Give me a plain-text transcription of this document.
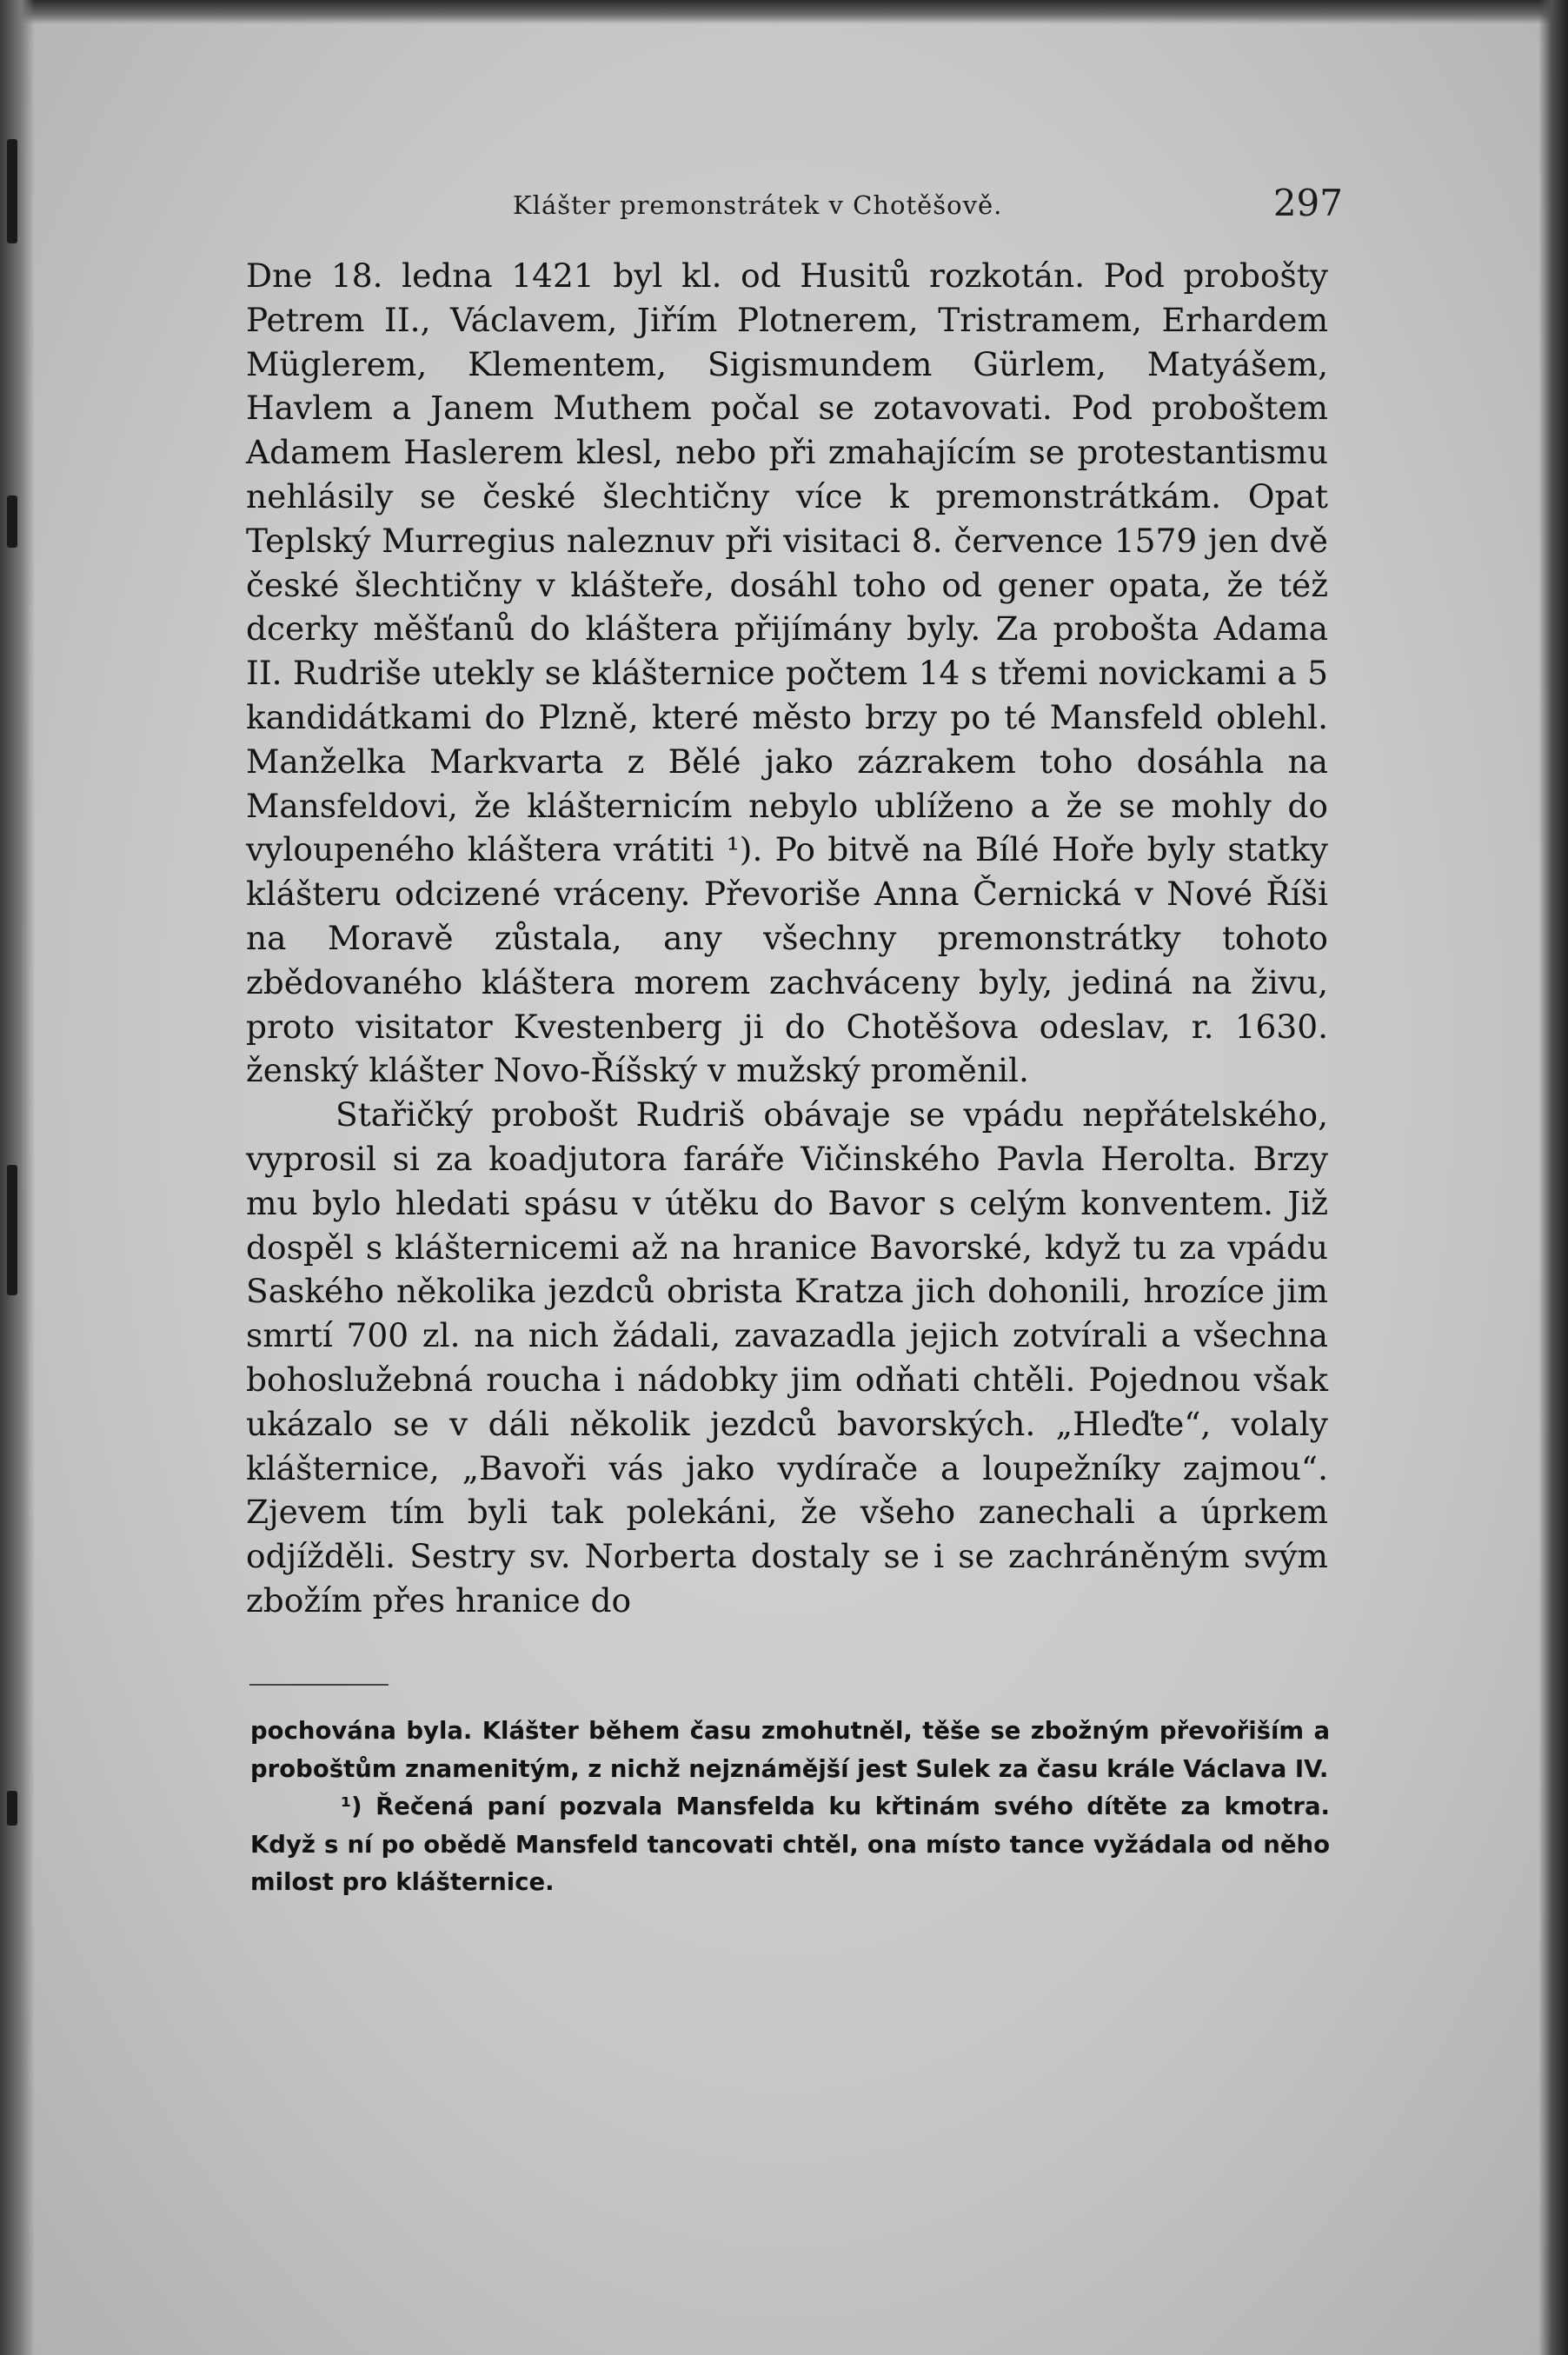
Klášter premonstrátek v Chotěšově.	297

Dne 18. ledna 1421 byl kl. od Husitů rozkotán. Pod probošty Petrem II., Václavem, Jiřím Plotnerem, Tristramem, Erhardem Müglerem, Klementem, Sigismundem Gürlem, Matyášem, Havlem a Janem Muthem počal se zotavovati. Pod proboštem Adamem Haslerem klesl, nebo při zmahajícím se protestantismu nehlásily se české šlechtičny více k premonstrátkám. Opat Teplský Murregius naleznuv při visitaci 8. července 1579 jen dvě české šlechtičny v klášteře, dosáhl toho od gener opata, že též dcerky měšťanů do kláštera přijímány byly. Za probošta Adama II. Rudriše utekly se klášternice počtem 14 s třemi novickami a 5 kandidátkami do Plzně, které město brzy po té Mansfeld oblehl. Manželka Markvarta z Bělé jako zázrakem toho dosáhla na Mansfeldovi, že klášternicím nebylo ublíženo a že se mohly do vyloupeného kláštera vrátiti ¹). Po bitvě na Bílé Hoře byly statky klášteru odcizené vráceny. Převoriše Anna Černická v Nové Říši na Moravě zůstala, any všechny premonstrátky tohoto zbědovaného kláštera morem zachváceny byly, jediná na živu, proto visitator Kvestenberg ji do Chotěšova odeslav, r. 1630. ženský klášter Novo-Říšský v mužský proměnil.

Stařičký probošt Rudriš obávaje se vpádu nepřátelského, vyprosil si za koadjutora faráře Vičinského Pavla Herolta. Brzy mu bylo hledati spásu v útěku do Bavor s celým konventem. Již dospěl s klášternicemi až na hranice Bavorské, když tu za vpádu Saského několika jezdců obrista Kratza jich dohonili, hrozíce jim smrtí 700 zl. na nich žádali, zavazadla jejich zotvírali a všechna bohoslužebná roucha i nádobky jim odňati chtěli. Pojednou však ukázalo se v dáli několik jezdců bavorských. „Hleďte“, volaly klášternice, „Bavoři vás jako vydírače a loupežníky zajmou“. Zjevem tím byli tak polekáni, že všeho zanechali a úprkem odjížděli. Sestry sv. Norberta dostaly se i se zachráněným svým zbožím přes hranice do

pochována byla. Klášter během času zmohutněl, těše se zbožným převořiším a proboštům znamenitým, z nichž nejznámější jest Sulek za času krále Václava IV.

¹) Řečená paní pozvala Mansfelda ku křtinám svého dítěte za kmotra. Když s ní po obědě Mansfeld tancovati chtěl, ona místo tance vyžádala od něho milost pro klášternice.
